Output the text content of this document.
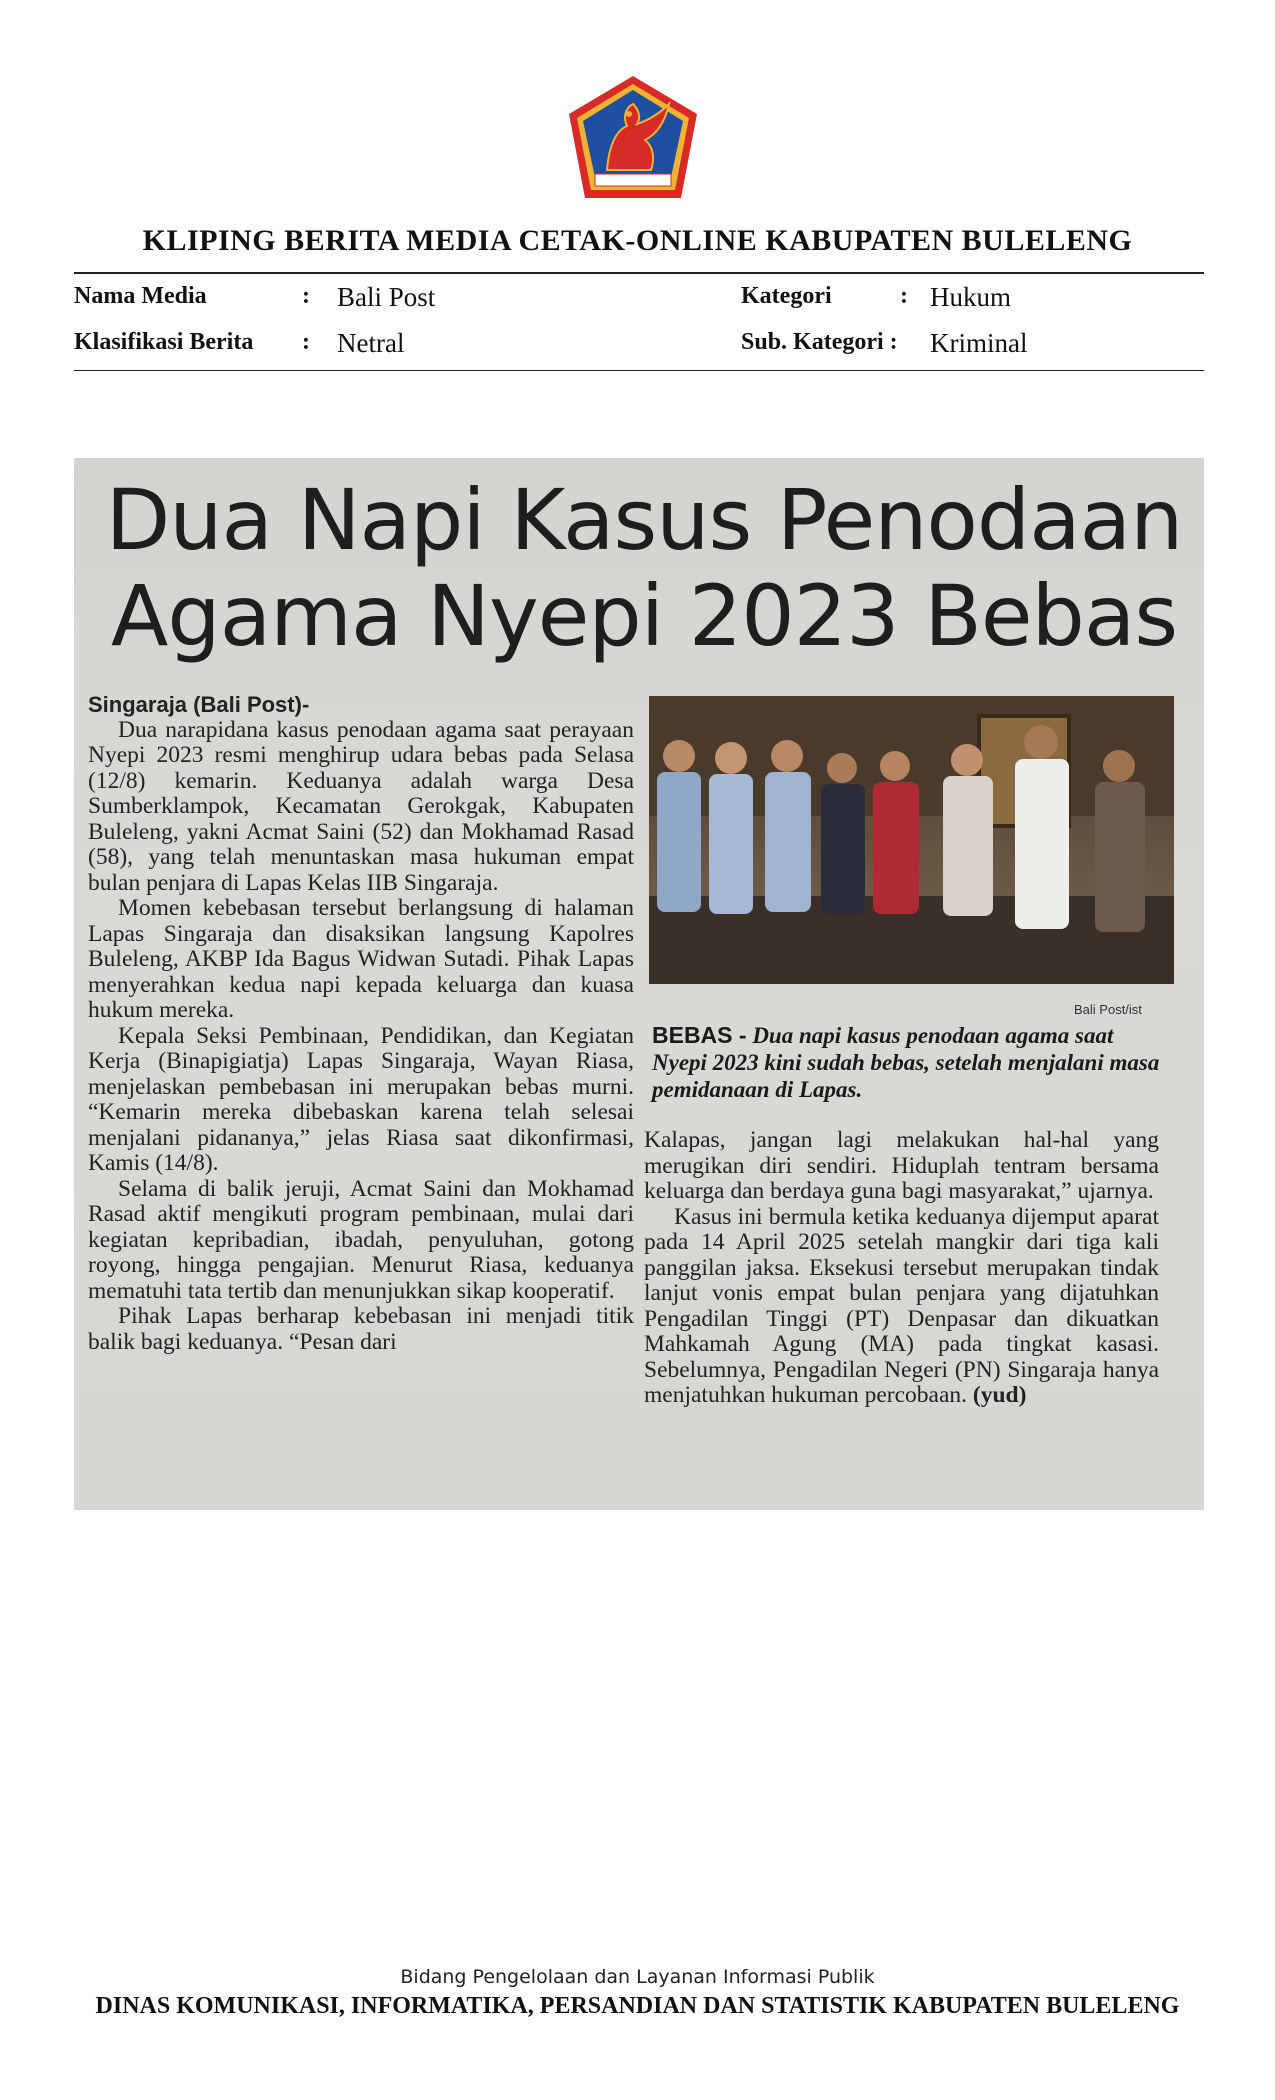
KLIPING BERITA MEDIA CETAK-ONLINE KABUPATEN BULELENG
Nama Media	: Bali Post
Klasifikasi Berita : Netral
Kategori	: Hukum
Sub. Kategori : Kriminal
Dua Napi Kasus Penodaan
Agama Nyepi 2023 Bebas
Singaraja (Bali Post)-

Dua narapidana kasus penodaan agama saat perayaan Nyepi 2023 resmi menghirup udara bebas pada Selasa (12/8) kemarin. Keduanya adalah warga Desa Sumberklampok, Kecamatan Gerokgak, Kabupaten Buleleng, yakni Acmat Saini (52) dan Mokhamad Rasad (58), yang telah menuntaskan masa hukuman empat bulan penjara di Lapas Kelas IIB Singaraja.

Momen kebebasan tersebut berlangsung di halaman Lapas Singaraja dan disaksikan langsung Kapolres Buleleng, AKBP Ida Bagus Widwan Sutadi. Pihak Lapas menyerahkan kedua napi kepada keluarga dan kuasa hukum mereka.

Kepala Seksi Pembinaan, Pendidikan, dan Kegiatan Kerja (Binapigiatja) Lapas Singaraja, Wayan Riasa, menjelaskan pembebasan ini merupakan bebas murni. “Kemarin mereka dibebaskan karena telah selesai menjalani pidananya,” jelas Riasa saat dikonfirmasi, Kamis (14/8).

Selama di balik jeruji, Acmat Saini dan Mokhamad Rasad aktif mengikuti program pembinaan, mulai dari kegiatan kepribadian, ibadah, penyuluhan, gotong royong, hingga pengajian. Menurut Riasa, keduanya mematuhi tata tertib dan menunjukkan sikap kooperatif.

Pihak Lapas berharap kebebasan ini menjadi titik balik bagi keduanya. “Pesan dari

Bali Post/ist
BEBAS - Dua napi kasus penodaan agama saat Nyepi 2023 kini sudah bebas, setelah menjalani masa pemidanaan di Lapas.

Kalapas, jangan lagi melakukan hal-hal yang merugikan diri sendiri. Hiduplah tentram bersama keluarga dan berdaya guna bagi masyarakat,” ujarnya.

Kasus ini bermula ketika keduanya dijemput aparat pada 14 April 2025 setelah mangkir dari tiga kali panggilan jaksa. Eksekusi tersebut merupakan tindak lanjut vonis empat bulan penjara yang dijatuhkan Pengadilan Tinggi (PT) Denpasar dan dikuatkan Mahkamah Agung (MA) pada tingkat kasasi. Sebelumnya, Pengadilan Negeri (PN) Singaraja hanya menjatuhkan hukuman percobaan. (yud)

Bidang Pengelolaan dan Layanan Informasi Publik
DINAS KOMUNIKASI, INFORMATIKA, PERSANDIAN DAN STATISTIK KABUPATEN BULELENG
